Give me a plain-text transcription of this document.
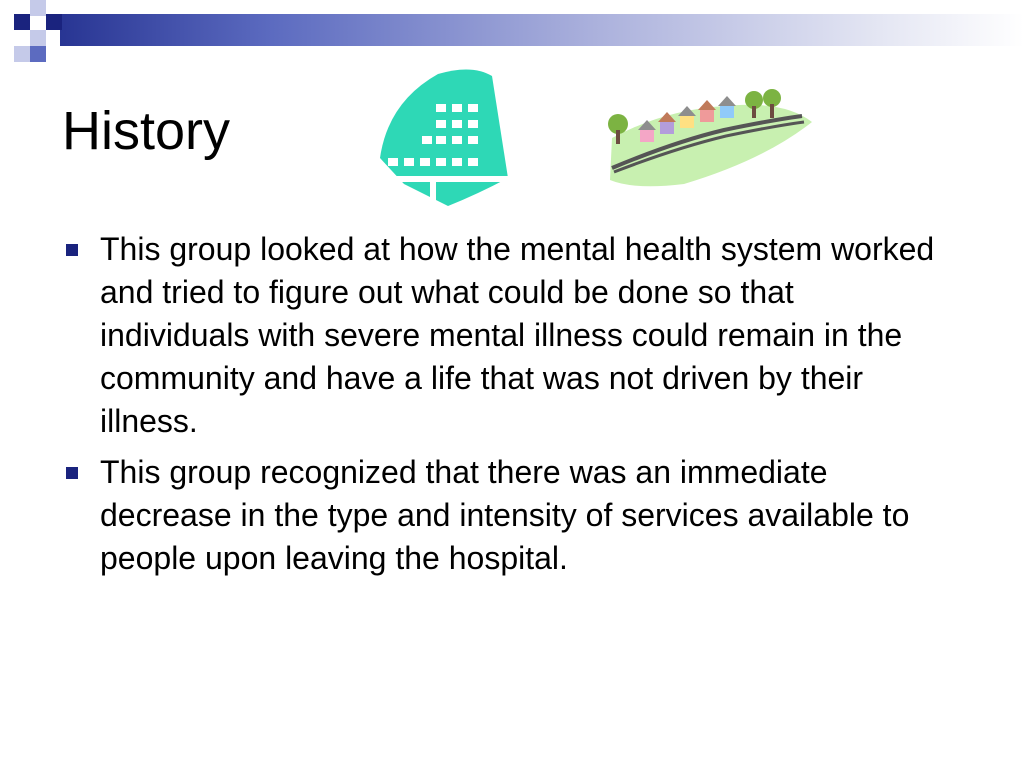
History
This group looked at how the mental health system worked and tried to figure out what could be done so that individuals with severe mental illness could remain in the community and have a life that was not driven by their illness.
This group recognized that there was an immediate decrease in the type and intensity of services available to people upon leaving the hospital.
